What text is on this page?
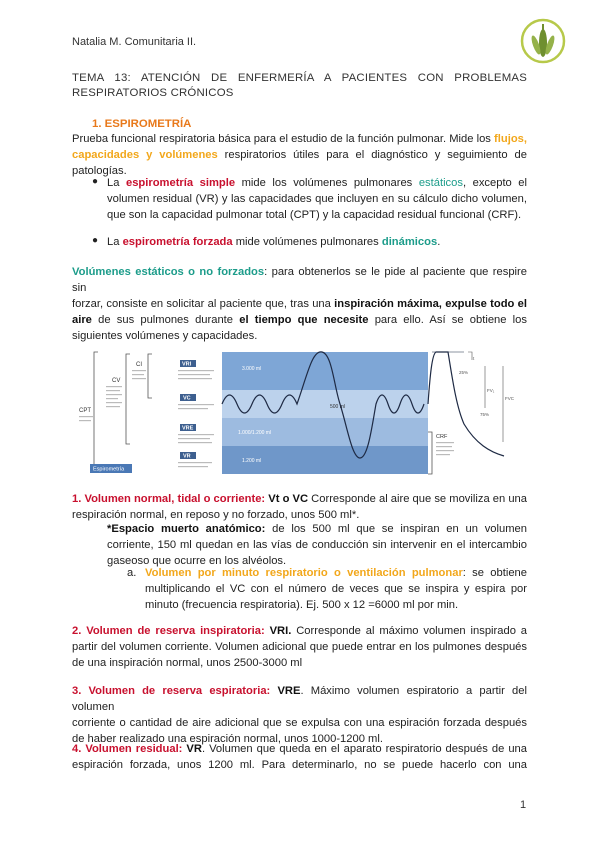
Natalia M. Comunitaria II.
TEMA 13: ATENCIÓN DE ENFERMERÍA A PACIENTES CON PROBLEMAS
RESPIRATORIOS CRÓNICOS
1. ESPIROMETRÍA
Prueba funcional respiratoria básica para el estudio de la función pulmonar. Mide los flujos,
capacidades y volúmenes respiratorios útiles para el diagnóstico y seguimiento de
patologías.
● La espirometría simple mide los volúmenes pulmonares estáticos, excepto el
volumen residual (VR) y las capacidades que incluyen en su cálculo dicho volumen,
que son la capacidad pulmonar total (CPT) y la capacidad residual funcional (CRF).
● La espirometría forzada mide volúmenes pulmonares dinámicos.
Volúmenes estáticos o no forzados: para obtenerlos se le pide al paciente que respire sin
forzar, consiste en solicitar al paciente que, tras una inspiración máxima, expulse todo el
aire de sus pulmones durante el tiempo que necesite para ello. Así se obtiene los
siguientes volúmenes y capacidades.
CPT
CV
CI	VRI
VC
VRE
VR
Espirometría
3.000 ml
500 ml
1.000/1.200 ml
1.200 ml
t
25%
75%
FV₁
FVC
CRF
1. Volumen normal, tidal o corriente: Vt o VC Corresponde al aire que se moviliza en una
respiración normal, en reposo y no forzado, unos 500 ml*.
*Espacio muerto anatómico: de los 500 ml que se inspiran en un volumen
corriente, 150 ml quedan en las vías de conducción sin intervenir en el intercambio
gaseoso que ocurre en los alvéolos.
a. Volumen por minuto respiratorio o ventilación pulmonar: se obtiene
multiplicando el VC con el número de veces que se inspira y espira por
minuto (frecuencia respiratoria). Ej. 500 x 12 =6000 ml por min.
2. Volumen de reserva inspiratoria: VRI. Corresponde al máximo volumen inspirado a
partir del volumen corriente. Volumen adicional que puede entrar en los pulmones después
de una inspiración normal, unos 2500-3000 ml
3. Volumen de reserva espiratoria: VRE. Máximo volumen espiratorio a partir del volumen
corriente o cantidad de aire adicional que se expulsa con una espiración forzada después
de haber realizado una espiración normal, unos 1000-1200 ml.
4. Volumen residual: VR. Volumen que queda en el aparato respiratorio después de una
espiración forzada, unos 1200 ml. Para determinarlo, no se puede hacerlo con una
1
